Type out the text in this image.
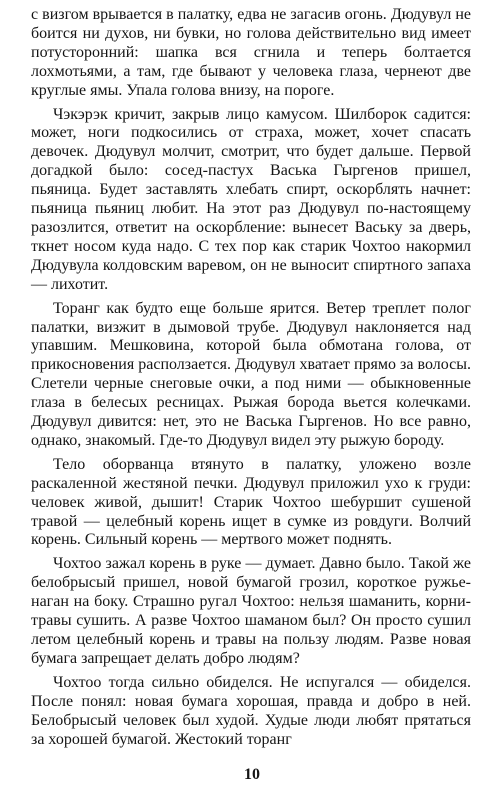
с визгом врывается в палатку, едва не загасив огонь. Дюдувул не боится ни духов, ни бувки, но голова действительно вид имеет потусторонний: шапка вся сгнила и теперь болтается лохмотьями, а там, где бывают у человека глаза, чернеют две круглые ямы. Упала голова внизу, на пороге.

Чэкэрэк кричит, закрыв лицо камусом. Шилборок садится: может, ноги подкосились от страха, может, хочет спасать девочек. Дюдувул молчит, смотрит, что будет дальше. Первой догадкой было: сосед-пастух Васька Гыргенов пришел, пьяница. Будет заставлять хлебать спирт, оскорблять начнет: пьяница пьяниц любит. На этот раз Дюдувул по-настоящему разозлится, ответит на оскорбление: вынесет Ваську за дверь, ткнет носом куда надо. С тех пор как старик Чохтоо накормил Дюдувула колдовским варевом, он не выносит спиртного запаха — лихотит.

Торанг как будто еще больше ярится. Ветер треплет полог палатки, визжит в дымовой трубе. Дюдувул наклоняется над упавшим. Мешковина, которой была обмотана голова, от прикосновения расползается. Дюдувул хватает прямо за волосы. Слетели черные снеговые очки, а под ними — обыкновенные глаза в белесых ресницах. Рыжая борода вьется колечками. Дюдувул дивится: нет, это не Васька Гыргенов. Но все равно, однако, знакомый. Где-то Дюдувул видел эту рыжую бороду.

Тело оборванца втянуто в палатку, уложено возле раскаленной жестяной печки. Дюдувул приложил ухо к груди: человек живой, дышит! Старик Чохтоо шебуршит сушеной травой — целебный корень ищет в сумке из ровдуги. Волчий корень. Сильный корень — мертвого может поднять.

Чохтоо зажал корень в руке — думает. Давно было. Такой же белобрысый пришел, новой бумагой грозил, короткое ружье-наган на боку. Страшно ругал Чохтоо: нельзя шаманить, корни-травы сушить. А разве Чохтоо шаманом был? Он просто сушил летом целебный корень и травы на пользу людям. Разве новая бумага запрещает делать добро людям?

Чохтоо тогда сильно обиделся. Не испугался — обиделся. После понял: новая бумага хорошая, правда и добро в ней. Белобрысый человек был худой. Худые люди любят прятаться за хорошей бумагой. Жестокий торанг

10
